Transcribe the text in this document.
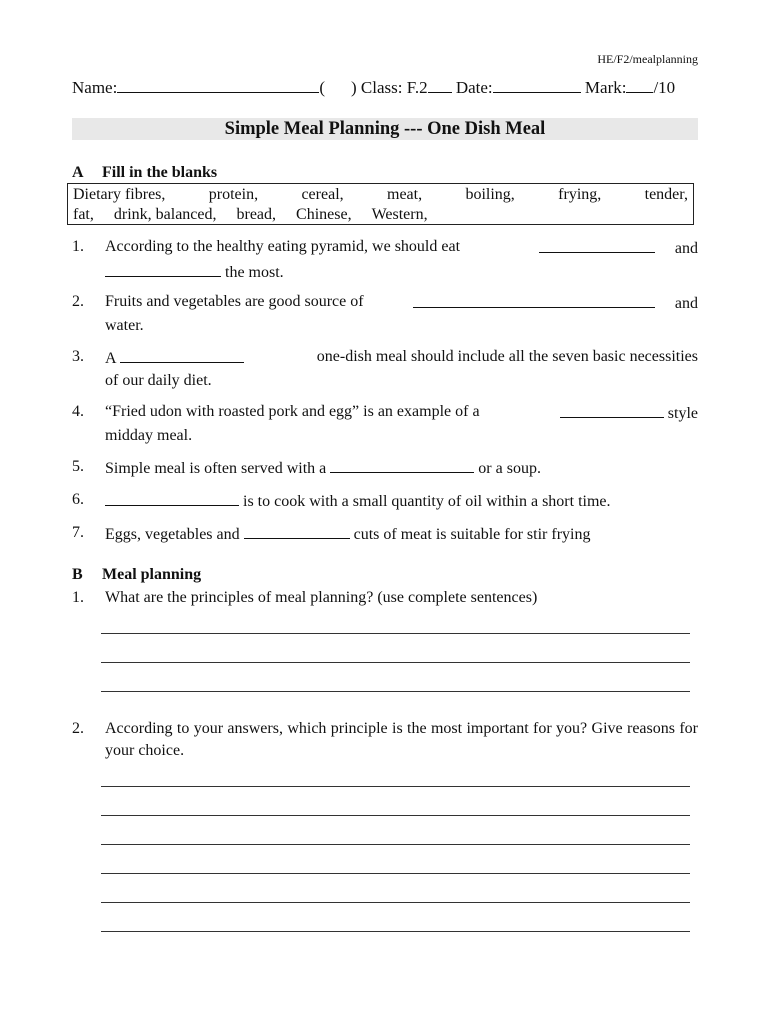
HE/F2/mealplanning
Name:	( ) Class: F.2 Date:	Mark: /10
Simple Meal Planning --- One Dish Meal
A Fill in the blanks
Dietary fibres,	protein,	cereal,	meat,	boiling,	frying,	tender,
fat, drink, balanced, bread, Chinese, Western,
1. According to the healthy eating pyramid, we should eat	and
the most.
2. Fruits and vegetables are good source of	and
water.
3. A	one-dish meal should include all the seven basic necessities
of our daily diet.
4. “Fried udon with roasted pork and egg” is an example of a	style
midday meal.
5. Simple meal is often served with a	or a soup.
6.	is to cook with a small quantity of oil within a short time.
7. Eggs, vegetables and	cuts of meat is suitable for stir frying
B Meal planning
1. What are the principles of meal planning? (use complete sentences)
2. According to your answers, which principle is the most important for you? Give reasons for your choice.
